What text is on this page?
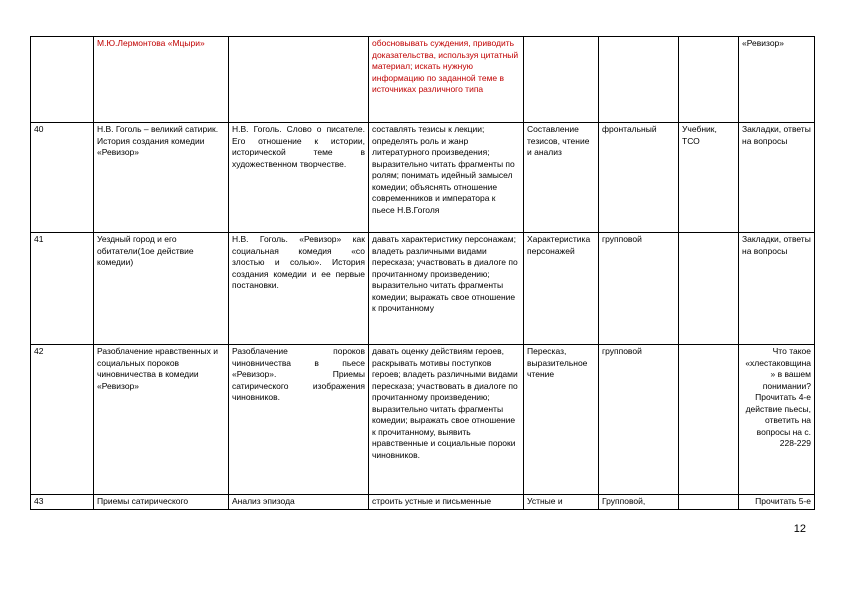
	М.Ю.Лермонтова «Мцыри»		обосновывать суждения, приводить доказательства, используя цитатный материал; искать нужную информацию по заданной теме в источниках различного типа				«Ревизор»
40	Н.В. Гоголь – великий сатирик. История создания комедии «Ревизор»	Н.В. Гоголь. Слово о писателе. Его отношение к истории, исторической теме в художественном творчестве.	составлять тезисы к лекции; определять роль и жанр литературного произведения; выразительно читать фрагменты по ролям; понимать идейный замысел комедии; объяснять отношение современников и императора к пьесе Н.В.Гоголя	Составление тезисов, чтение и анализ	фронтальный	Учебник, ТСО	Закладки, ответы на вопросы
41	Уездный город и его обитатели(1ое действие комедии)	Н.В. Гоголь. «Ревизор» как социальная комедия «со злостью и солью». История создания комедии и ее первые постановки.	давать характеристику персонажам; владеть различными видами пересказа; участвовать в диалоге по прочитанному произведению; выразительно читать фрагменты комедии; выражать свое отношение к прочитанному	Характеристика персонажей	групповой		Закладки, ответы на вопросы
42	Разоблачение нравственных и социальных пороков чиновничества в комедии «Ревизор»	Разоблачение пороков чиновничества в пьесе «Ревизор». Приемы сатирического изображения чиновников.	давать оценку действиям героев, раскрывать мотивы поступков героев; владеть различными видами пересказа; участвовать в диалоге по прочитанному произведению; выразительно читать фрагменты комедии; выражать свое отношение к прочитанному, выявить нравственные и социальные пороки чиновников.	Пересказ, выразительное чтение	групповой		Что такое «хлестаковщина» в вашем понимании? Прочитать 4-е действие пьесы, ответить на вопросы на с. 228-229
43	Приемы сатирического	Анализ эпизода	строить устные и письменные	Устные и	Групповой,		Прочитать 5-е
12
